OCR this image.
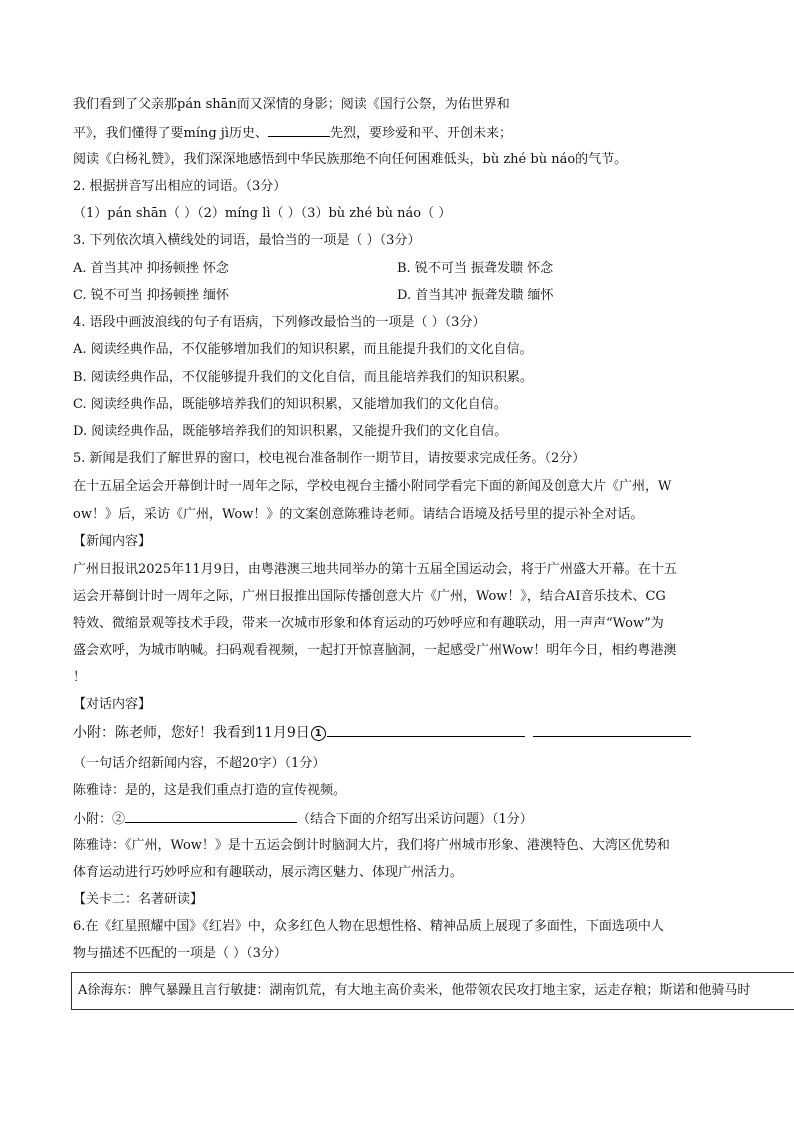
我们看到了父亲那pán shān而又深情的身影；阅读《国行公祭，为佑世界和
平》，我们懂得了要míng jì历史、	先烈，要珍爱和平、开创未来；
阅读《白杨礼赞》，我们深深地感悟到中华民族那绝不向任何困难低头，bù zhé bù náo的气节。
2. 根据拼音写出相应的词语。（3分）
（1）pán shān（ ）（2）míng lì（ ）（3）bù zhé bù náo（ ）
3. 下列依次填入横线处的词语，最恰当的一项是（ ）（3分）
A. 首当其冲 抑扬顿挫 怀念	B. 锐不可当 振聋发聩 怀念
C. 锐不可当 抑扬顿挫 缅怀	D. 首当其冲 振聋发聩 缅怀
4. 语段中画波浪线的句子有语病，下列修改最恰当的一项是（ ）（3分）
A. 阅读经典作品，不仅能够增加我们的知识积累，而且能提升我们的文化自信。
B. 阅读经典作品，不仅能够提升我们的文化自信，而且能培养我们的知识积累。
C. 阅读经典作品，既能够培养我们的知识积累，又能增加我们的文化自信。
D. 阅读经典作品，既能够培养我们的知识积累，又能提升我们的文化自信。
5. 新闻是我们了解世界的窗口，校电视台准备制作一期节目，请按要求完成任务。（2分）
在十五届全运会开幕倒计时一周年之际，学校电视台主播小附同学看完下面的新闻及创意大片《广州，W
ow！》后，采访《广州，Wow！》的文案创意陈雅诗老师。请结合语境及括号里的提示补全对话。
【新闻内容】
广州日报讯2025年11月9日，由粤港澳三地共同举办的第十五届全国运动会，将于广州盛大开幕。在十五
运会开幕倒计时一周年之际，广州日报推出国际传播创意大片《广州，Wow！》，结合AI音乐技术、CG
特效、微缩景观等技术手段，带来一次城市形象和体育运动的巧妙呼应和有趣联动，用一声声“Wow”为
盛会欢呼，为城市呐喊。扫码观看视频，一起打开惊喜脑洞，一起感受广州Wow！明年今日，相约粤港澳
！
【对话内容】
小附：陈老师，您好！我看到11月9日 1
（一句话介绍新闻内容，不超20字）（1分）
陈雅诗：是的，这是我们重点打造的宣传视频。
小附：②	（结合下面的介绍写出采访问题）（1分）
陈雅诗：《广州，Wow！》是十五运会倒计时脑洞大片，我们将广州城市形象、港澳特色、大湾区优势和
体育运动进行巧妙呼应和有趣联动，展示湾区魅力、体现广州活力。
【关卡二：名著研读】
6.在《红星照耀中国》《红岩》中，众多红色人物在思想性格、精神品质上展现了多面性，下面选项中人
物与描述不匹配的一项是（ ）（3分）
A徐海东：脾气暴躁且言行敏捷：湖南饥荒，有大地主高价卖米，他带领农民攻打地主家，运走存粮；斯诺和他骑马时
